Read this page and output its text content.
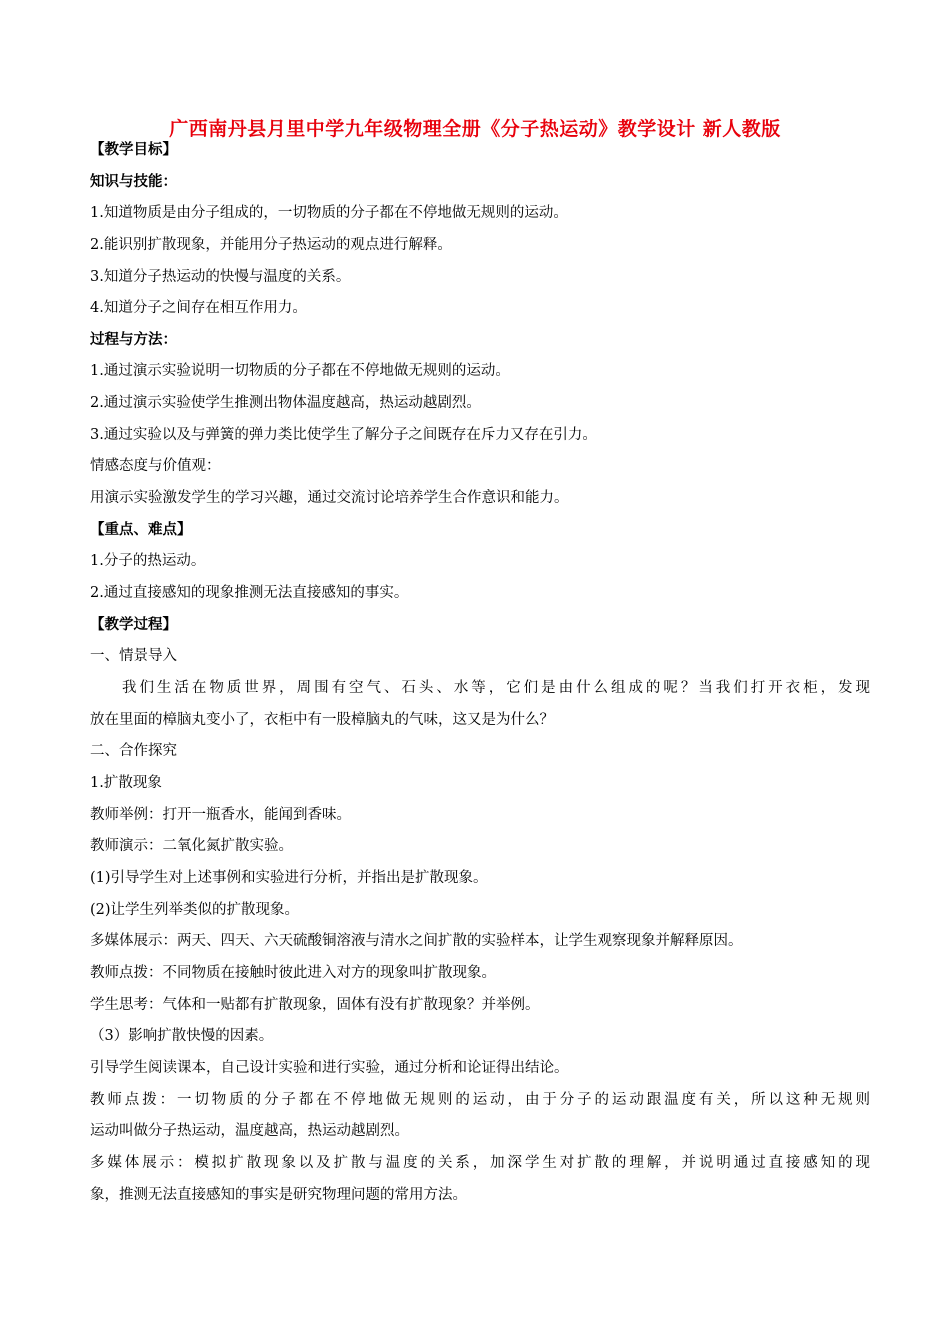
广西南丹县月里中学九年级物理全册《分子热运动》教学设计 新人教版
【教学目标】
知识与技能：
1.知道物质是由分子组成的，一切物质的分子都在不停地做无规则的运动。
2.能识别扩散现象，并能用分子热运动的观点进行解释。
3.知道分子热运动的快慢与温度的关系。
4.知道分子之间存在相互作用力。
过程与方法：
1.通过演示实验说明一切物质的分子都在不停地做无规则的运动。
2.通过演示实验使学生推测出物体温度越高，热运动越剧烈。
3.通过实验以及与弹簧的弹力类比使学生了解分子之间既存在斥力又存在引力。
情感态度与价值观：
用演示实验激发学生的学习兴趣，通过交流讨论培养学生合作意识和能力。
【重点、难点】
1.分子的热运动。
2.通过直接感知的现象推测无法直接感知的事实。
【教学过程】
一、情景导入
我们生活在物质世界，周围有空气、石头、水等，它们是由什么组成的呢？当我们打开衣柜，发现
放在里面的樟脑丸变小了，衣柜中有一股樟脑丸的气味，这又是为什么？
二、合作探究
1.扩散现象
教师举例：打开一瓶香水，能闻到香味。
教师演示：二氧化氮扩散实验。
(1)引导学生对上述事例和实验进行分析，并指出是扩散现象。
(2)让学生列举类似的扩散现象。
多媒体展示：两天、四天、六天硫酸铜溶液与清水之间扩散的实验样本，让学生观察现象并解释原因。
教师点拨：不同物质在接触时彼此进入对方的现象叫扩散现象。
学生思考：气体和一贴都有扩散现象，固体有没有扩散现象？并举例。
（3）影响扩散快慢的因素。
引导学生阅读课本，自己设计实验和进行实验，通过分析和论证得出结论。
教师点拨：一切物质的分子都在不停地做无规则的运动，由于分子的运动跟温度有关，所以这种无规则
运动叫做分子热运动，温度越高，热运动越剧烈。
多媒体展示：模拟扩散现象以及扩散与温度的关系，加深学生对扩散的理解，并说明通过直接感知的现
象，推测无法直接感知的事实是研究物理问题的常用方法。
